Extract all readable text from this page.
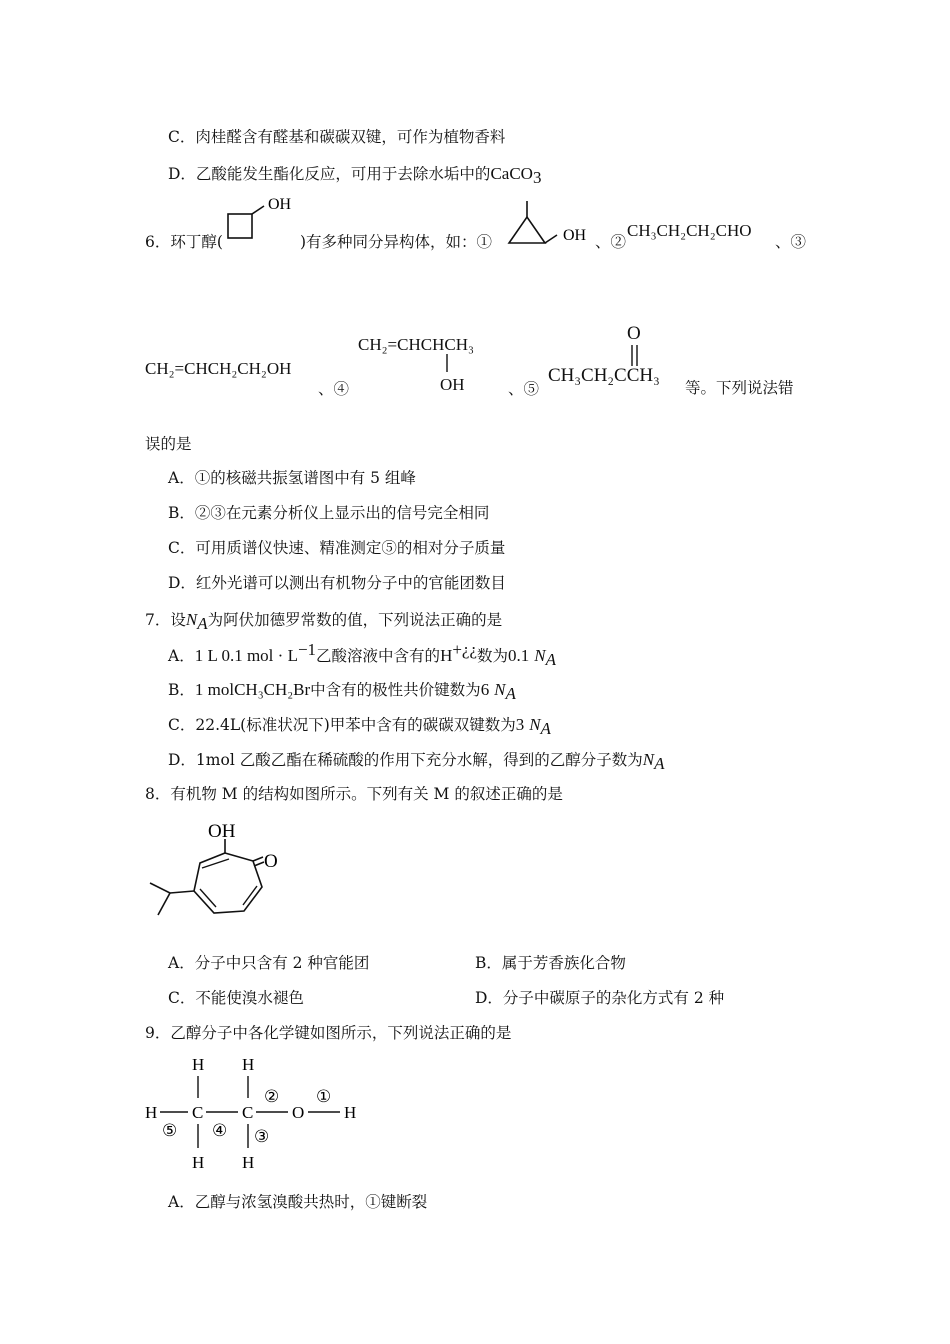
C．肉桂醛含有醛基和碳碳双键，可作为植物香料
D．乙酸能发生酯化反应，可用于去除水垢中的CaCO$_3$
6．环丁醇(
OH
)有多种同分异构体，如：①	OH 、②
CH₃CH₂CH₂CHO
、③
CH₂=CHCH₂CH₂OH
、④
CH₂=CHCHCH₃
OH	、⑤
O
CH₃CH₂CCH₃
等。下列说法错
误的是
A．①的核磁共振氢谱图中有 5 组峰
B．②③在元素分析仪上显示出的信号完全相同
C．可用质谱仪快速、精准测定⑤的相对分子质量
D．红外光谱可以测出有机物分子中的官能团数目
7．设$N_A$为阿伏加德罗常数的值，下列说法正确的是
A．1 L 0.1 mol · $L^{-1}$乙酸溶液中含有的H+¿¿数为0.1 $N_A$
B．1 molCH₃CH₂Br中含有的极性共价键数为6 $N_A$
C．22.4L(标准状况下)甲苯中含有的碳碳双键数为3 $N_A$
D．1mol 乙酸乙酯在稀硫酸的作用下充分水解，得到的乙醇分子数为$N_A$
8．有机物 M 的结构如图所示。下列有关 M 的叙述正确的是
OH
O
A．分子中只含有 2 种官能团	B．属于芳香族化合物
C．不能使溴水褪色	D．分子中碳原子的杂化方式有 2 种
9．乙醇分子中各化学键如图所示，下列说法正确的是
H H
H C C O H
H H
⑤ ④ ③
② ①
A．乙醇与浓氢溴酸共热时，①键断裂
